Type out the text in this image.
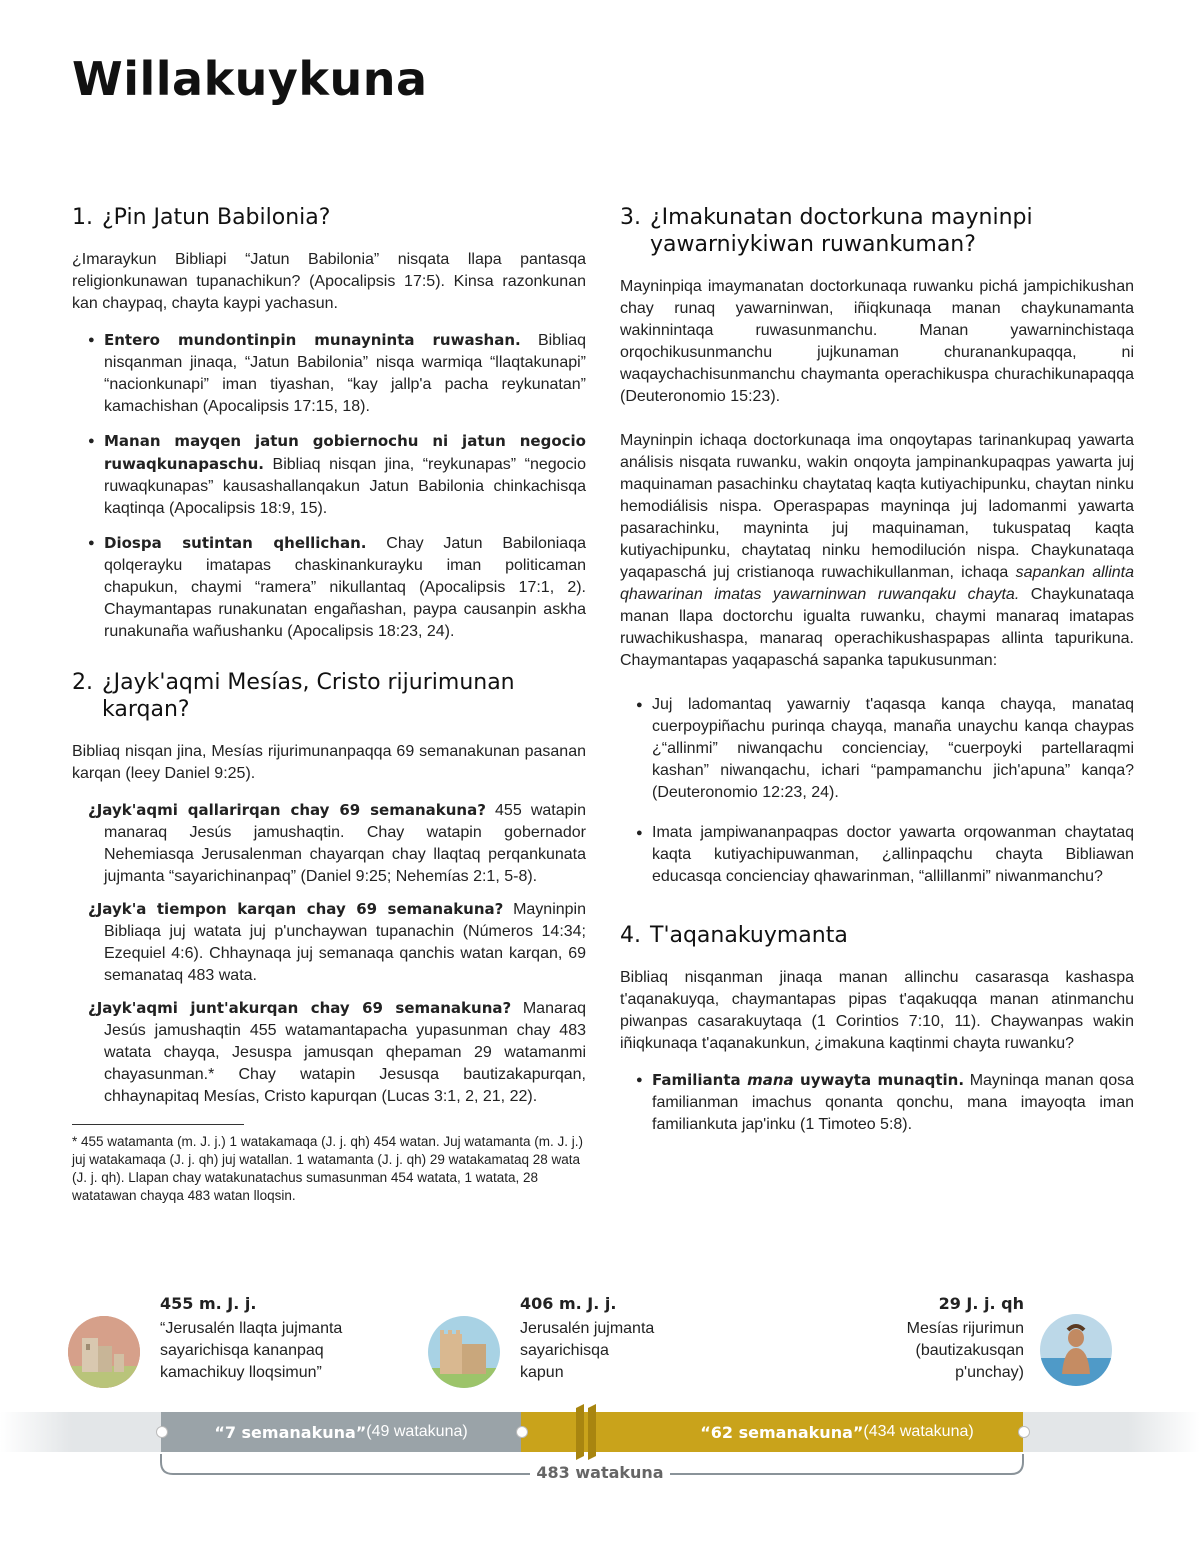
Willakuykuna
1. ¿Pin Jatun Babilonia?

¿Imaraykun Bibliapi “Jatun Babilonia” nisqata llapa pantasqa religionkunawan tupanachikun? (Apocalipsis 17:5). Kinsa razonkunan kan chaypaq, chayta kaypi yachasun.

● Entero mundontinpin munayninta ruwashan. Bibliaq nisqanman jinaqa, “Jatun Babilonia” nisqa warmiqa “llaqtakunapi” “nacionkunapi” iman tiyashan, “kay jallp'a pacha reykunatan” kamachishan (Apocalipsis 17:15, 18).
● Manan mayqen jatun gobiernochu ni jatun negocio ruwaqkunapaschu. Bibliaq nisqan jina, “reykunapas” “negocio ruwaqkunapas” kausashallanqakun Jatun Babilonia chinkachisqa kaqtinqa (Apocalipsis 18:9, 15).
● Diospa sutintan qhellichan. Chay Jatun Babiloniaqa qolqerayku imatapas chaskinankurayku iman politicaman chapukun, chaymi “ramera” nikullantaq (Apocalipsis 17:1, 2). Chaymantapas runakunatan engañashan, paypa causanpin askha runakunaña wañushanku (Apocalipsis 18:23, 24).
2. ¿Jayk'aqmi Mesías, Cristo rijurimunan karqan?

Bibliaq nisqan jina, Mesías rijurimunanpaqqa 69 semanakunan pasanan karqan (leey Daniel 9:25).

¿Jayk'aqmi qallarirqan chay 69 semanakuna? 455 watapin manaraq Jesús jamushaqtin. Chay watapin gobernador Nehemiasqa Jerusalenman chayarqan chay llaqtaq perqankunata jujmanta “sayarichinanpaq” (Daniel 9:25; Nehemías 2:1, 5-8).
¿Jayk'a tiempon karqan chay 69 semanakuna? Mayninpin Bibliaqa juj watata juj p'unchaywan tupanachin (Números 14:34; Ezequiel 4:6). Chhaynaqa juj semanaqa qanchis watan karqan, 69 semanataq 483 wata.
¿Jayk'aqmi junt'akurqan chay 69 semanakuna? Manaraq Jesús jamushaqtin 455 watamantapacha yupasunman chay 483 watata chayqa, Jesuspa jamusqan qhepaman 29 watamanmi chayasunman.* Chay watapin Jesusqa bautizakapurqan, chhaynapitaq Mesías, Cristo kapurqan (Lucas 3:1, 2, 21, 22).

* 455 watamanta (m. J. j.) 1 watakamaqa (J. j. qh) 454 watan. Juj watamanta (m. J. j.) juj watakamaqa (J. j. qh) juj watallan. 1 watamanta (J. j. qh) 29 watakamataq 28 wata (J. j. qh). Llapan chay watakunatachus sumasunman 454 watata, 1 watata, 28 watatawan chayqa 483 watan lloqsin.

3. ¿Imakunatan doctorkuna mayninpi yawarniykiwan ruwankuman?

Mayninpiqa imaymanatan doctorkunaqa ruwanku pichá jampichikushan chay runaq yawarninwan, iñiqkunaqa manan chaykunamanta wakinnintaqa ruwasunmanchu. Manan yawarninchistaqa orqochikusunmanchu jujkunaman churanankupaqqa, ni waqaychachisunmanchu chaymanta operachikuspa churachikunapaqqa (Deuteronomio 15:23).

Mayninpin ichaqa doctorkunaqa ima onqoytapas tarinankupaq yawarta análisis nisqata ruwanku, wakin onqoyta jampinankupaqpas yawarta juj maquinaman pasachinku chaytataq kaqta kutiyachipunku, chaytan ninku hemodiálisis nispa. Operaspapas mayninqa juj ladomanmi yawarta pasarachinku, mayninta juj maquinaman, tukuspataq kaqta kutiyachipunku, chaytataq ninku hemodilución nispa. Chaykunataqa yaqapaschá juj cristianoqa ruwachikullanman, ichaqa sapankan allinta qhawarinan imatas yawarninwan ruwanqaku chayta. Chaykunataqa manan llapa doctorchu igualta ruwanku, chaymi manaraq imatapas ruwachikushaspa, manaraq operachikushaspapas allinta tapurikuna. Chaymantapas yaqapaschá sapanka tapukusunman:

● Juj ladomantaq yawarniy t'aqasqa kanqa chayqa, manataq cuerpoypiñachu purinqa chayqa, manaña unaychu kanqa chaypas ¿“allinmi” niwanqachu concienciay, “cuerpoyki partellaraqmi kashan” niwanqachu, ichari “pampamanchu jich'apuna” kanqa? (Deuteronomio 12:23, 24).
● Imata jampiwananpaqpas doctor yawarta orqowanman chaytataq kaqta kutiyachipuwanman, ¿allinpaqchu chayta Bibliawan educasqa concienciay qhawarinman, “allillanmi” niwanmanchu?
4. T'aqanakuymanta

Bibliaq nisqanman jinaqa manan allinchu casarasqa kashaspa t'aqanakuyqa, chaymantapas pipas t'aqakuqqa manan atinmanchu piwanpas casarakuytaqa (1 Corintios 7:10, 11). Chaywanpas wakin iñiqkunaqa t'aqanakunkun, ¿imakuna kaqtinmi chayta ruwanku?

● Familianta mana uywayta munaqtin. Mayninqa manan qosa familianman imachus qonanta qonchu, mana imayoqta iman familiankuta jap'inku (1 Timoteo 5:8).
455 m. J. j.
“Jerusalén llaqta jujmanta
sayarichisqa kananpaq
kamachikuy lloqsimun”
406 m. J. j.
Jerusalén jujmanta
sayarichisqa
kapun
29 J. j. qh
Mesías rijurimun
(bautizakusqan
p'unchay)
“7 semanakuna” (49 watakuna)	“62 semanakuna” (434 watakuna)
483 watakuna
